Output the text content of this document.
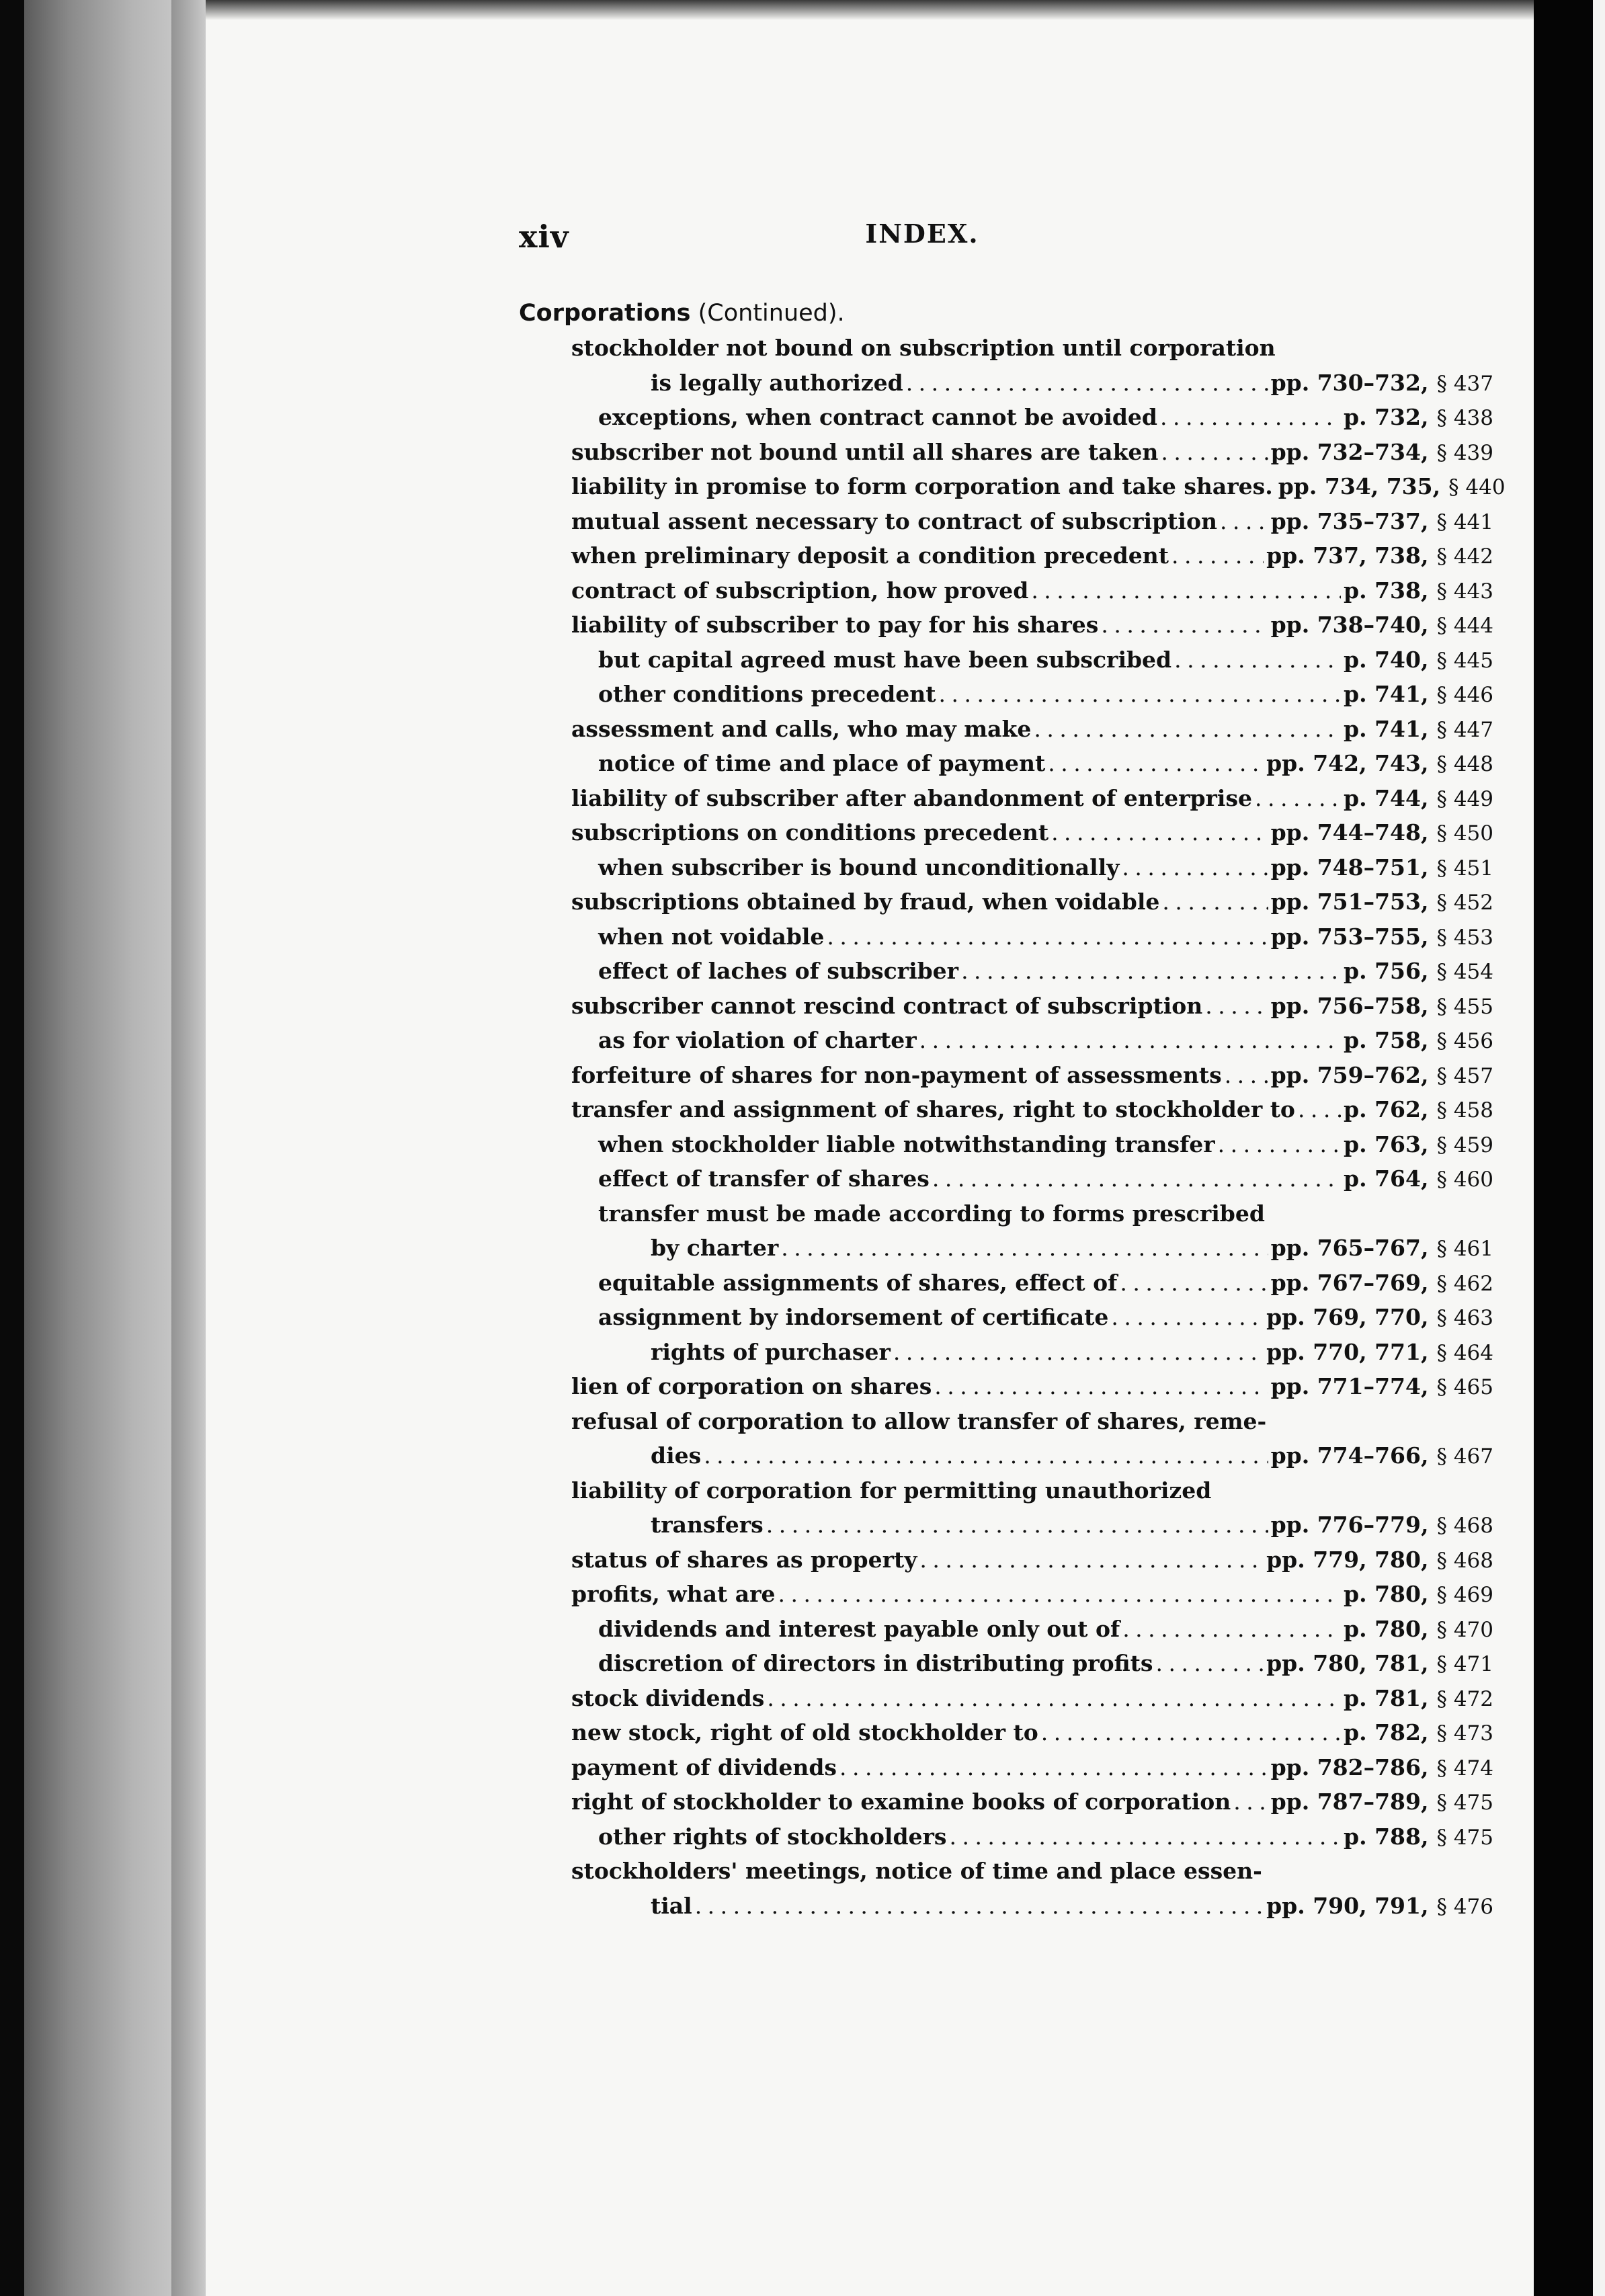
xiv	INDEX.
Corporations (Continued).
stockholder not bound on subscription until corporation
is legally authorized . . .	pp. 730–732, § 437
exceptions, when contract cannot be avoided . . .	p. 732, § 438
subscriber not bound until all shares are taken . . .	pp. 732–734, § 439
liability in promise to form corporation and take shares. pp. 734, 735, § 440
mutual assent necessary to contract of subscription . . . pp. 735–737, § 441
when preliminary deposit a condition precedent . . .	pp. 737, 738, § 442
contract of subscription, how proved . . .	p. 738, § 443
liability of subscriber to pay for his shares . . .	pp. 738–740, § 444
but capital agreed must have been subscribed . . .	p. 740, § 445
other conditions precedent . . .	p. 741, § 446
assessment and calls, who may make . . .	p. 741, § 447
notice of time and place of payment . . .	pp. 742, 743, § 448
liability of subscriber after abandonment of enterprise . . .	p. 744, § 449
subscriptions on conditions precedent . . .	pp. 744–748, § 450
when subscriber is bound unconditionally . . .	pp. 748–751, § 451
subscriptions obtained by fraud, when voidable . . .	pp. 751–753, § 452
when not voidable . . .	pp. 753–755, § 453
effect of laches of subscriber . . .	p. 756, § 454
subscriber cannot rescind contract of subscription . . .	pp. 756–758, § 455
as for violation of charter . . .	p. 758, § 456
forfeiture of shares for non-payment of assessments . . . pp. 759–762, § 457
transfer and assignment of shares, right to stockholder to . . . p. 762, § 458
when stockholder liable notwithstanding transfer . . .	p. 763, § 459
effect of transfer of shares . . .	p. 764, § 460
transfer must be made according to forms prescribed
by charter . . .	pp. 765–767, § 461
equitable assignments of shares, effect of . . .	pp. 767–769, § 462
assignment by indorsement of certificate . . .	pp. 769, 770, § 463
rights of purchaser . . .	pp. 770, 771, § 464
lien of corporation on shares . . .	pp. 771–774, § 465
refusal of corporation to allow transfer of shares, reme-
dies . . .	pp. 774–766, § 467
liability of corporation for permitting unauthorized
transfers . . .	pp. 776–779, § 468
status of shares as property . . .	pp. 779, 780, § 468
profits, what are . . .	p. 780, § 469
dividends and interest payable only out of . . .	p. 780, § 470
discretion of directors in distributing profits . . .	pp. 780, 781, § 471
stock dividends . . .	p. 781, § 472
new stock, right of old stockholder to . . .	p. 782, § 473
payment of dividends . . .	pp. 782–786, § 474
right of stockholder to examine books of corporation . . . pp. 787–789, § 475
other rights of stockholders . . .	p. 788, § 475
stockholders' meetings, notice of time and place essen-
tial . . .	pp. 790, 791, § 476
